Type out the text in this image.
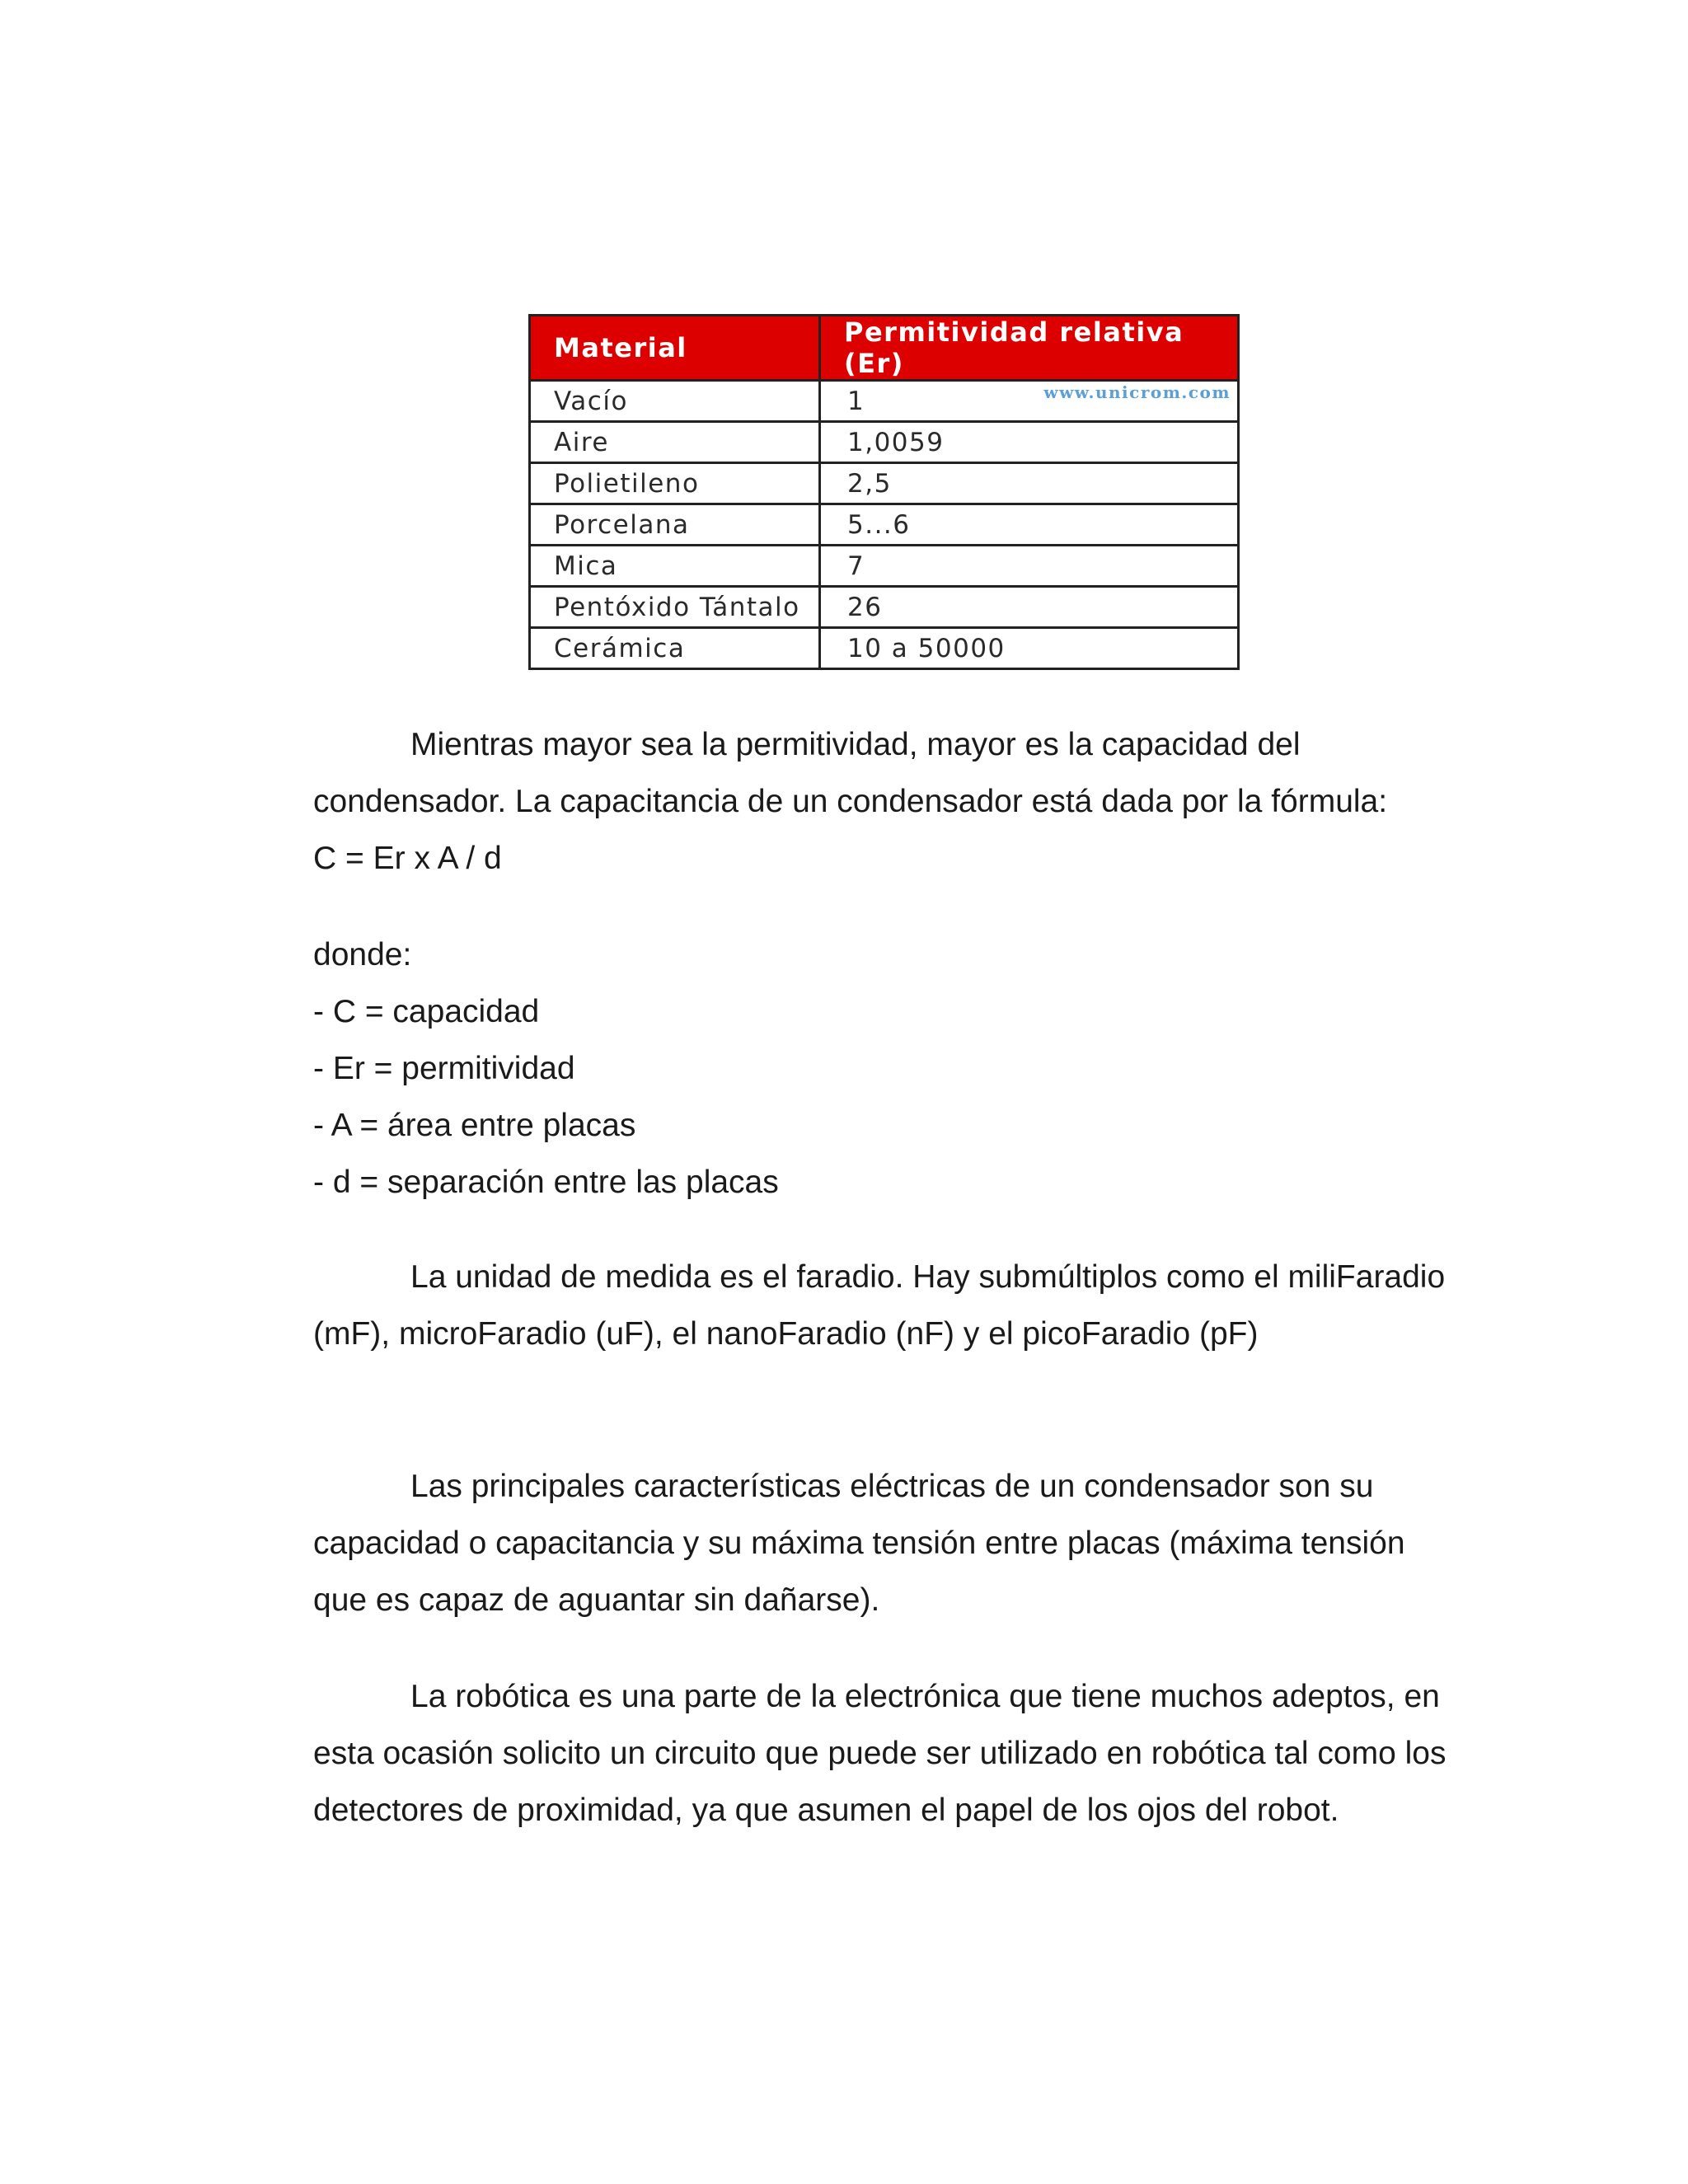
Material	Permitividad relativa (Er)
Vacío	1 www.unicrom.com

Aire	1,0059
Polietileno	2,5
Porcelana	5...6
Mica	7
Pentóxido Tántalo	26
Cerámica	10 a 50000

Mientras mayor sea la permitividad, mayor es la capacidad del condensador. La capacitancia de un condensador está dada por la fórmula:

C = Er x A / d

donde:

- C = capacidad

- Er = permitividad

- A = área entre placas

- d = separación entre las placas

La unidad de medida es el faradio. Hay submúltiplos como el miliFaradio (mF), microFaradio (uF), el nanoFaradio (nF) y el picoFaradio (pF)

Las principales características eléctricas de un condensador son su capacidad o capacitancia y su máxima tensión entre placas (máxima tensión que es capaz de aguantar sin dañarse).

La robótica es una parte de la electrónica que tiene muchos adeptos, en esta ocasión solicito un circuito que puede ser utilizado en robótica tal como los detectores de proximidad, ya que asumen el papel de los ojos del robot.
